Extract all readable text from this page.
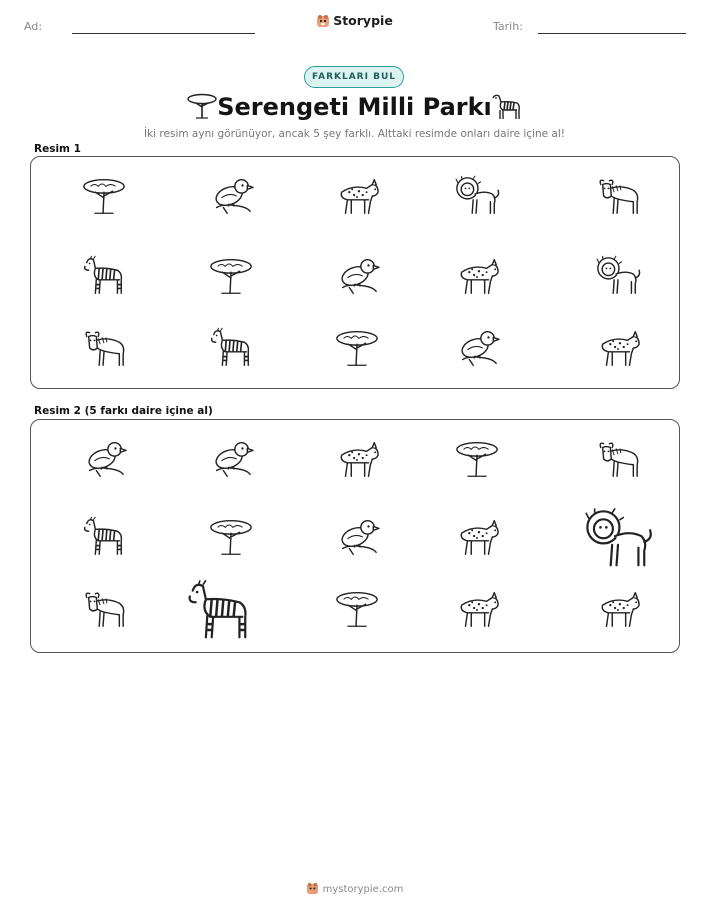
Ad:	Storypie	Tarih:
FARKLARI BUL
Serengeti Milli Parkı
İki resim aynı görünüyor, ancak 5 şey farklı. Alttaki resimde onları daire içine al!
Resim 1
Resim 2 (5 farkı daire içine al)
mystorypie.com
